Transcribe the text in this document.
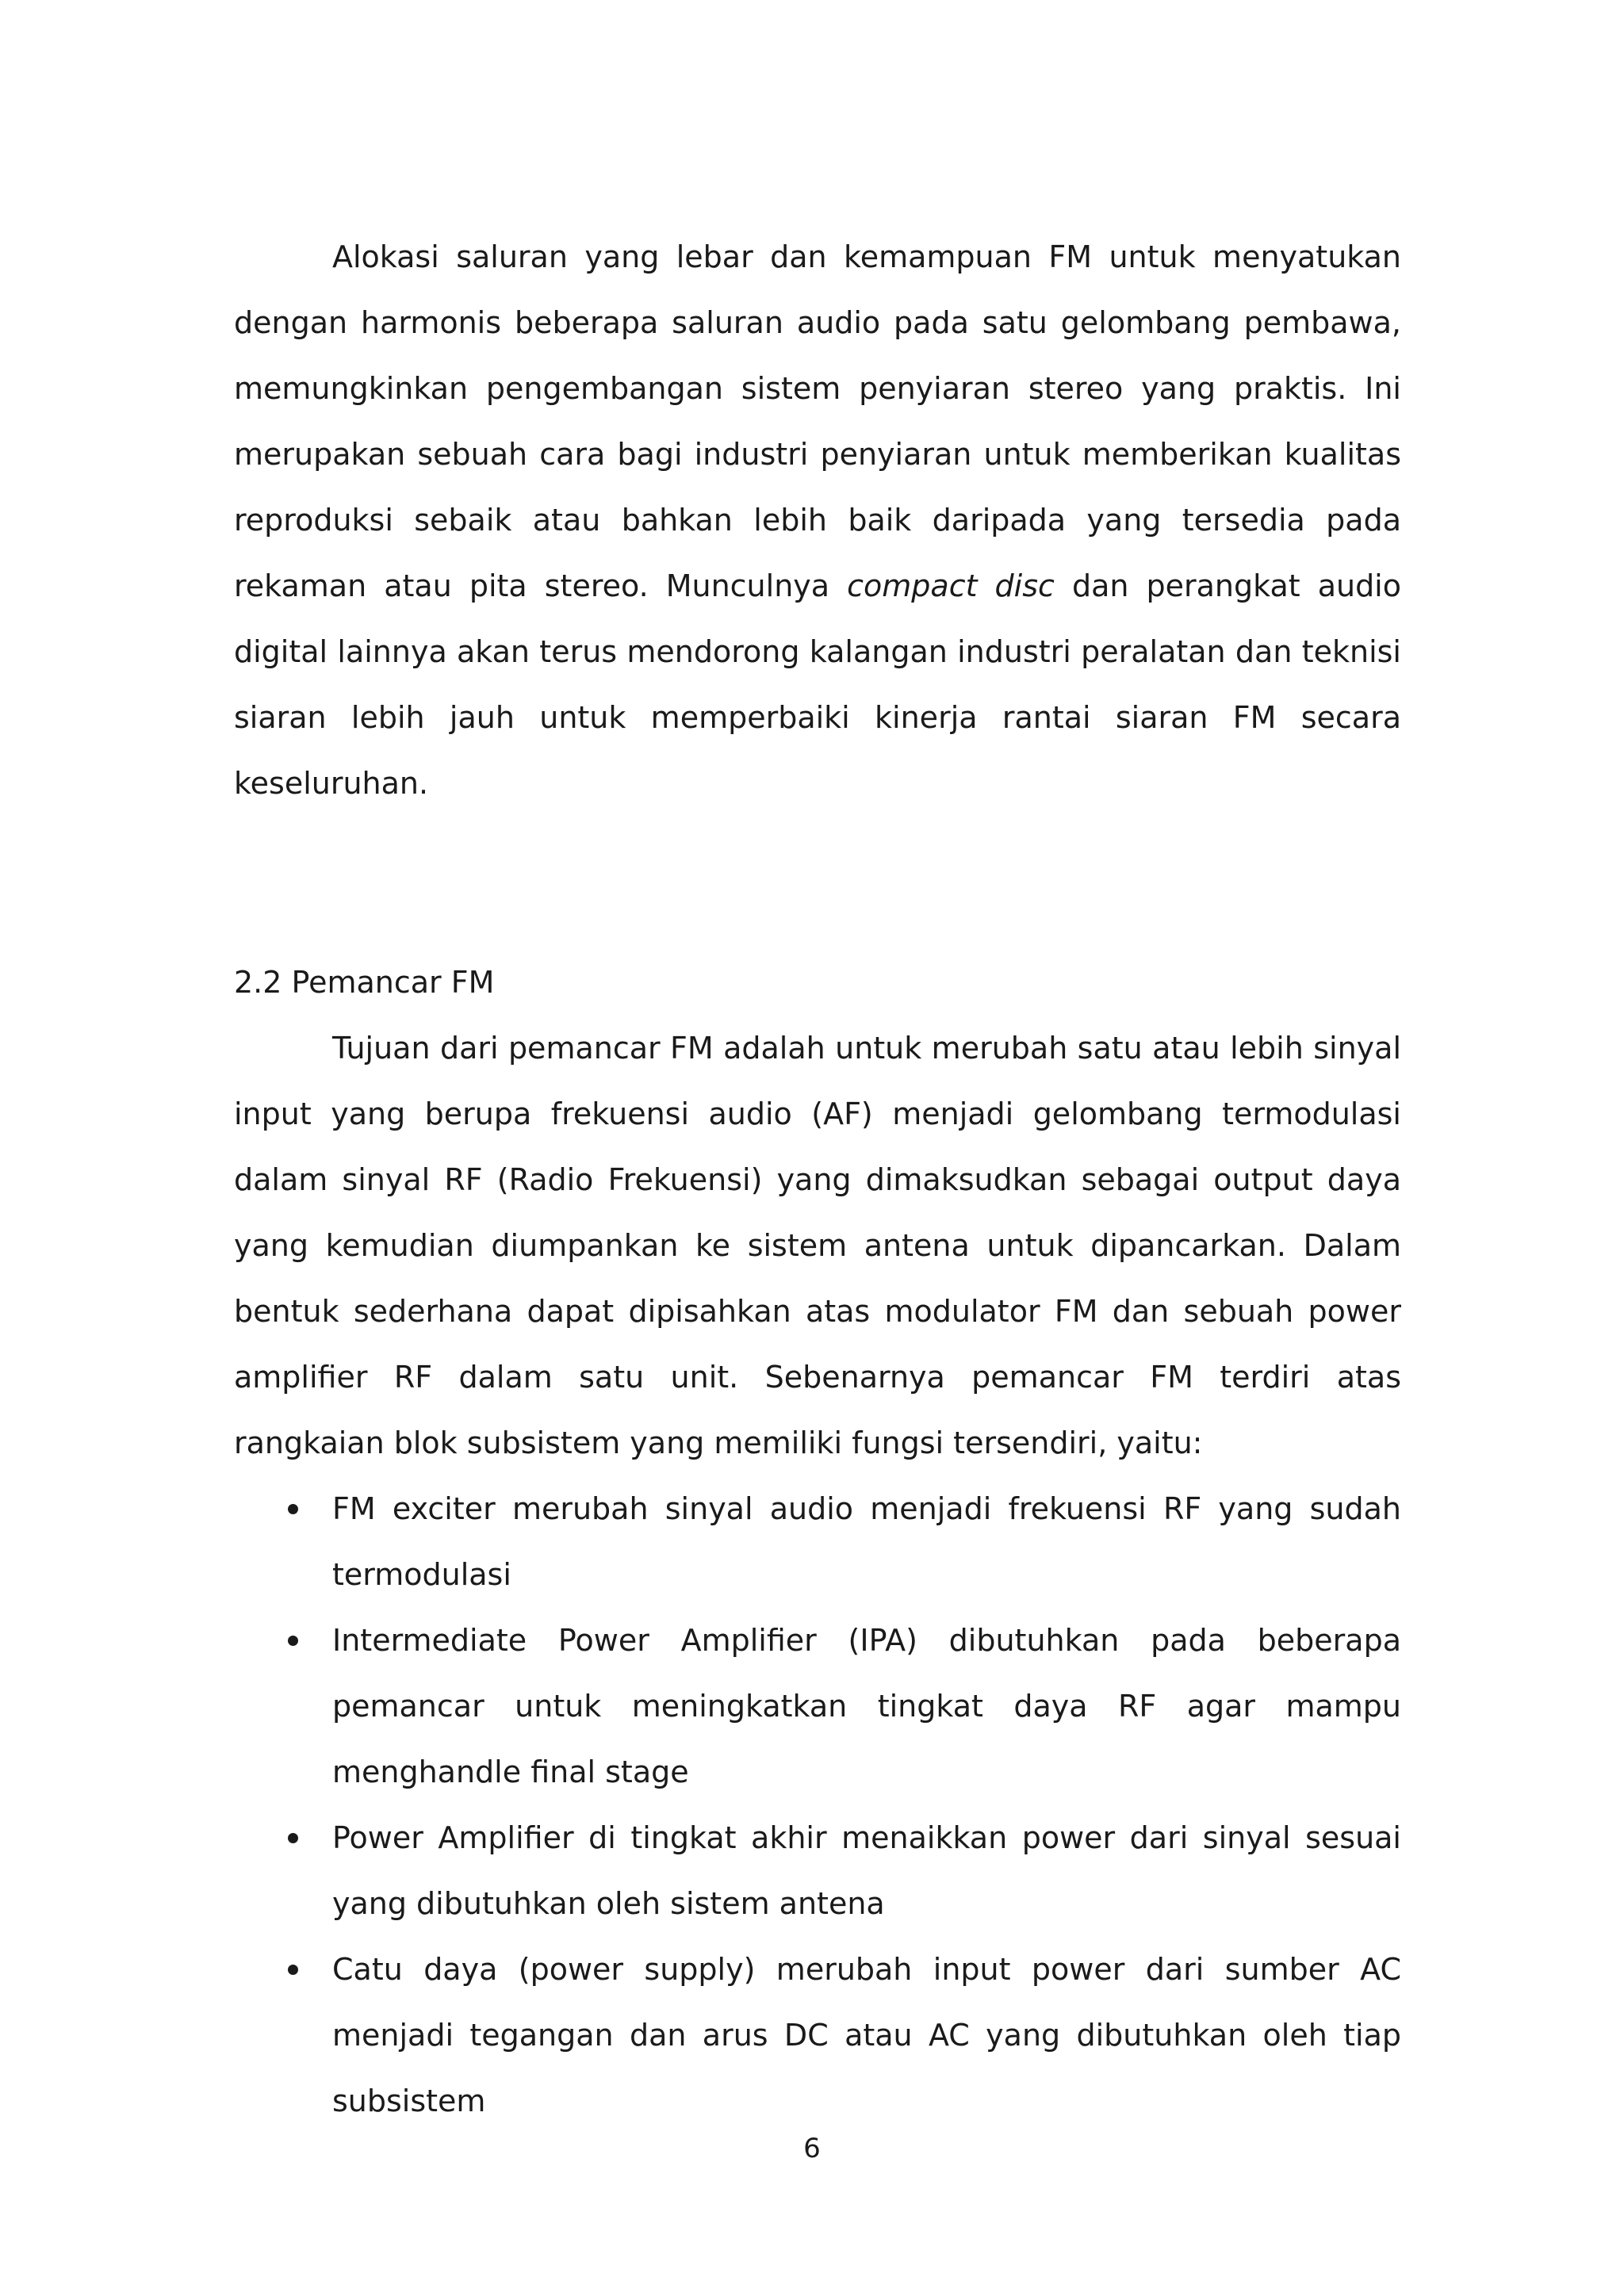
Alokasi saluran yang lebar dan kemampuan FM untuk menyatukan dengan harmonis beberapa saluran audio pada satu gelombang pembawa, memungkinkan pengembangan sistem penyiaran stereo yang praktis. Ini merupakan sebuah cara bagi industri penyiaran untuk memberikan kualitas reproduksi sebaik atau bahkan lebih baik daripada yang tersedia pada rekaman atau pita stereo. Munculnya compact disc dan perangkat audio digital lainnya akan terus mendorong kalangan industri peralatan dan teknisi siaran lebih jauh untuk memperbaiki kinerja rantai siaran FM secara keseluruhan.

2.2 Pemancar FM

Tujuan dari pemancar FM adalah untuk merubah satu atau lebih sinyal input yang berupa frekuensi audio (AF) menjadi gelombang termodulasi dalam sinyal RF (Radio Frekuensi) yang dimaksudkan sebagai output daya yang kemudian diumpankan ke sistem antena untuk dipancarkan. Dalam bentuk sederhana dapat dipisahkan atas modulator FM dan sebuah power amplifier RF dalam satu unit. Sebenarnya pemancar FM terdiri atas rangkaian blok subsistem yang memiliki fungsi tersendiri, yaitu:

FM exciter merubah sinyal audio menjadi frekuensi RF yang sudah termodulasi
Intermediate Power Amplifier (IPA) dibutuhkan pada beberapa pemancar untuk meningkatkan tingkat daya RF agar mampu menghandle final stage
Power Amplifier di tingkat akhir menaikkan power dari sinyal sesuai yang dibutuhkan oleh sistem antena
Catu daya (power supply) merubah input power dari sumber AC menjadi tegangan dan arus DC atau AC yang dibutuhkan oleh tiap subsistem
6
